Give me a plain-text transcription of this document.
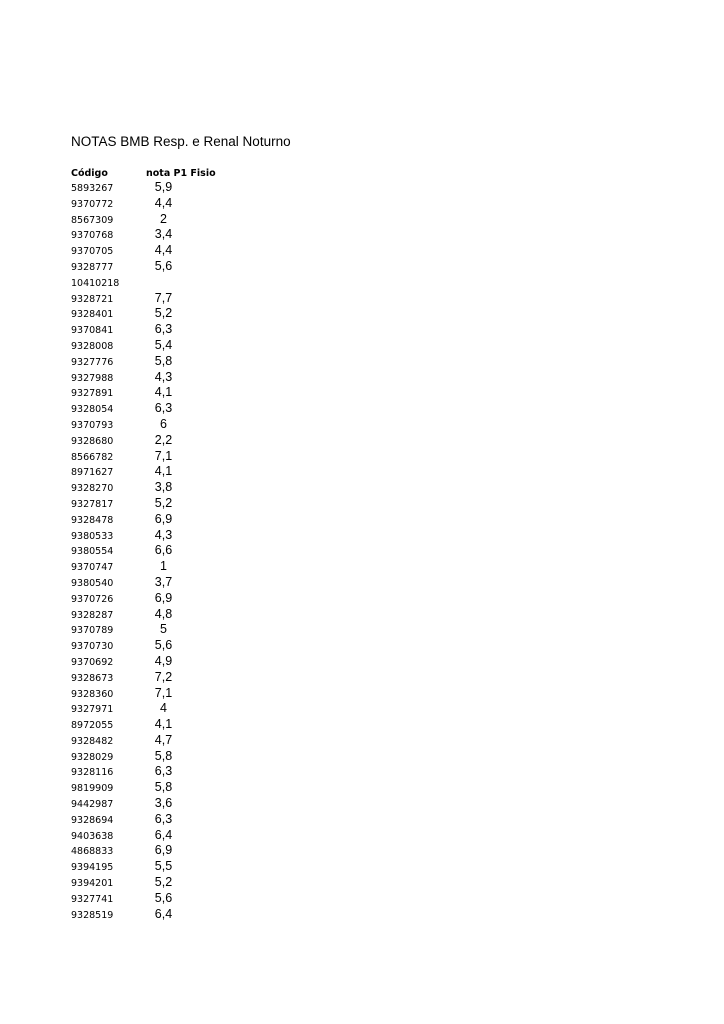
NOTAS BMB Resp. e Renal Noturno
Código	nota P1 Fisio
5893267	5,9
9370772	4,4
8567309	2
9370768	3,4
9370705	4,4
9328777	5,6
10410218
9328721	7,7
9328401	5,2
9370841	6,3
9328008	5,4
9327776	5,8
9327988	4,3
9327891	4,1
9328054	6,3
9370793	6
9328680	2,2
8566782	7,1
8971627	4,1
9328270	3,8
9327817	5,2
9328478	6,9
9380533	4,3
9380554	6,6
9370747	1
9380540	3,7
9370726	6,9
9328287	4,8
9370789	5
9370730	5,6
9370692	4,9
9328673	7,2
9328360	7,1
9327971	4
8972055	4,1
9328482	4,7
9328029	5,8
9328116	6,3
9819909	5,8
9442987	3,6
9328694	6,3
9403638	6,4
4868833	6,9
9394195	5,5
9394201	5,2
9327741	5,6
9328519	6,4
